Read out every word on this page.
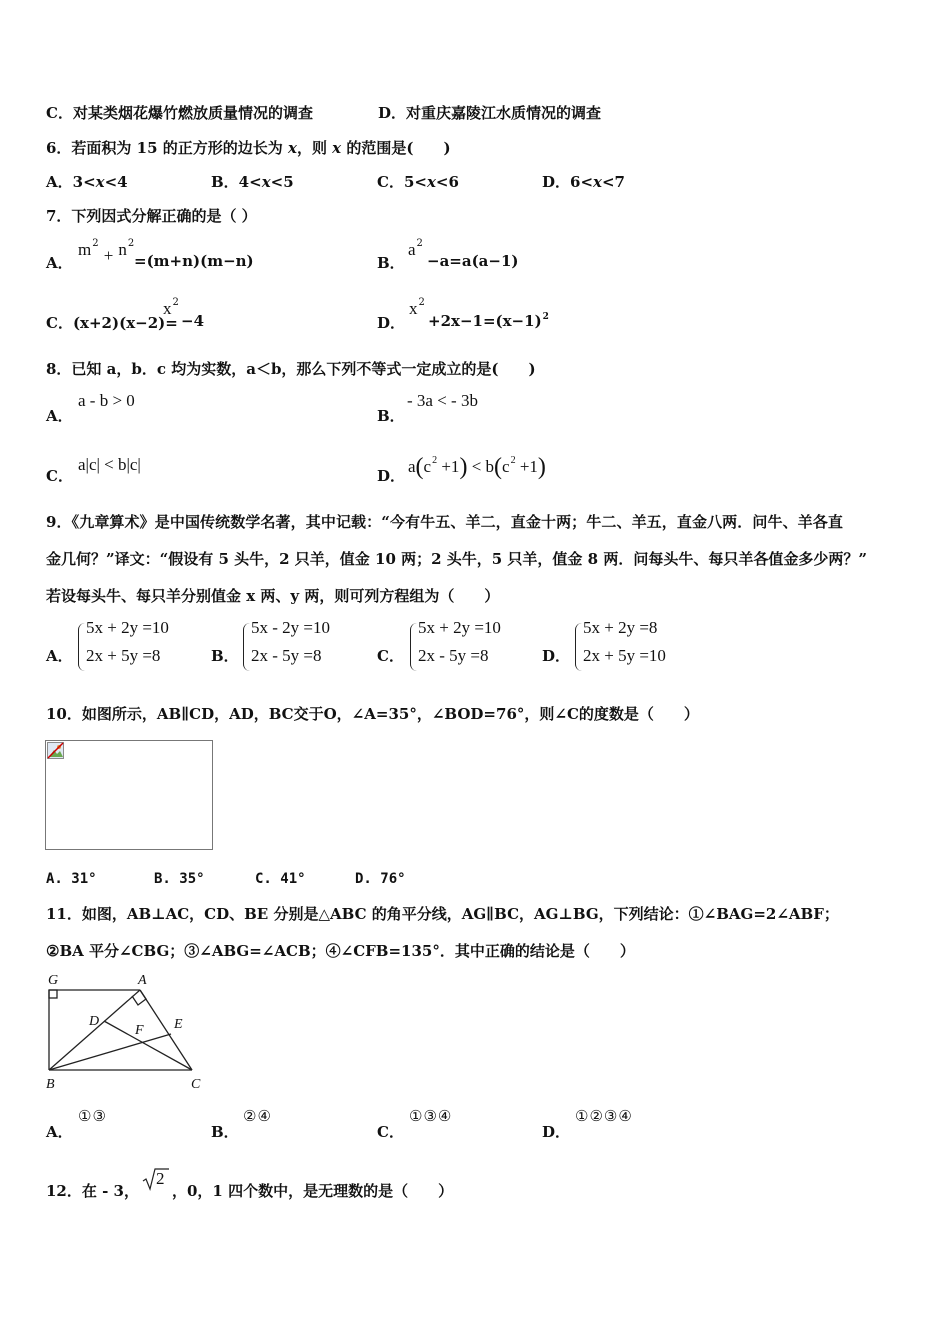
C．对某类烟花爆竹燃放质量情况的调查	D．对重庆嘉陵江水质情况的调查
6．若面积为 15 的正方形的边长为 x，则 x 的范围是(　　)
A．3<x<4	B．4<x<5	C．5<x<6	D．6<x<7
7．下列因式分解正确的是（ ）
A．
$m^2 + n^2$
=(m+n)(m−n)	B．
$a^2$
−a=a(a−1)
C．(x+2)(x−2)=
$x^2$
−4	D．
$x^2$
$+2x-1=(x-1)^2$
8．已知 a，b．c 均为实数，a＜b，那么下列不等式一定成立的是(　　)
A．
a - b > 0
B．
- 3a < - 3b
C．
a|c| < b|c|
D． $a(c^2 +1) < b(c^2 +1)$
9．《九章算术》是中国传统数学名著，其中记载：“今有牛五、羊二，直金十两；牛二、羊五，直金八两．问牛、羊各直
金几何？”译文：“假设有 5 头牛，2 只羊，值金 10 两；2 头牛，5 只羊，值金 8 两．问每头牛、每只羊各值金多少两？”
若设每头牛、每只羊分别值金 x 两、y 两，则可列方程组为（　　）
A．
5x + 2y =10
2x + 5y =8	B．
5x - 2y =10
2x - 5y =8	C．
5x + 2y =10
2x - 5y =8	D．
5x + 2y =8
2x + 5y =10
10．如图所示，AB∥CD，AD，BC交于O，∠A=35°，∠BOD=76°，则∠C的度数是（　　）
A. 31°	B. 35°	C. 41°	D. 76°
11．如图，AB⊥AC，CD、BE 分别是△ABC 的角平分线，AG∥BC，AG⊥BG，下列结论：①∠BAG=2∠ABF；
②BA 平分∠CBG；③∠ABG=∠ACB；④∠CFB=135°．其中正确的结论是（　　）
G	A
D
F E
B	C
A．
①③
B．
②④
C．
①③④
D．
①②③④
12．在 - 3，
2
，0，1 四个数中，是无理数的是（　　）
